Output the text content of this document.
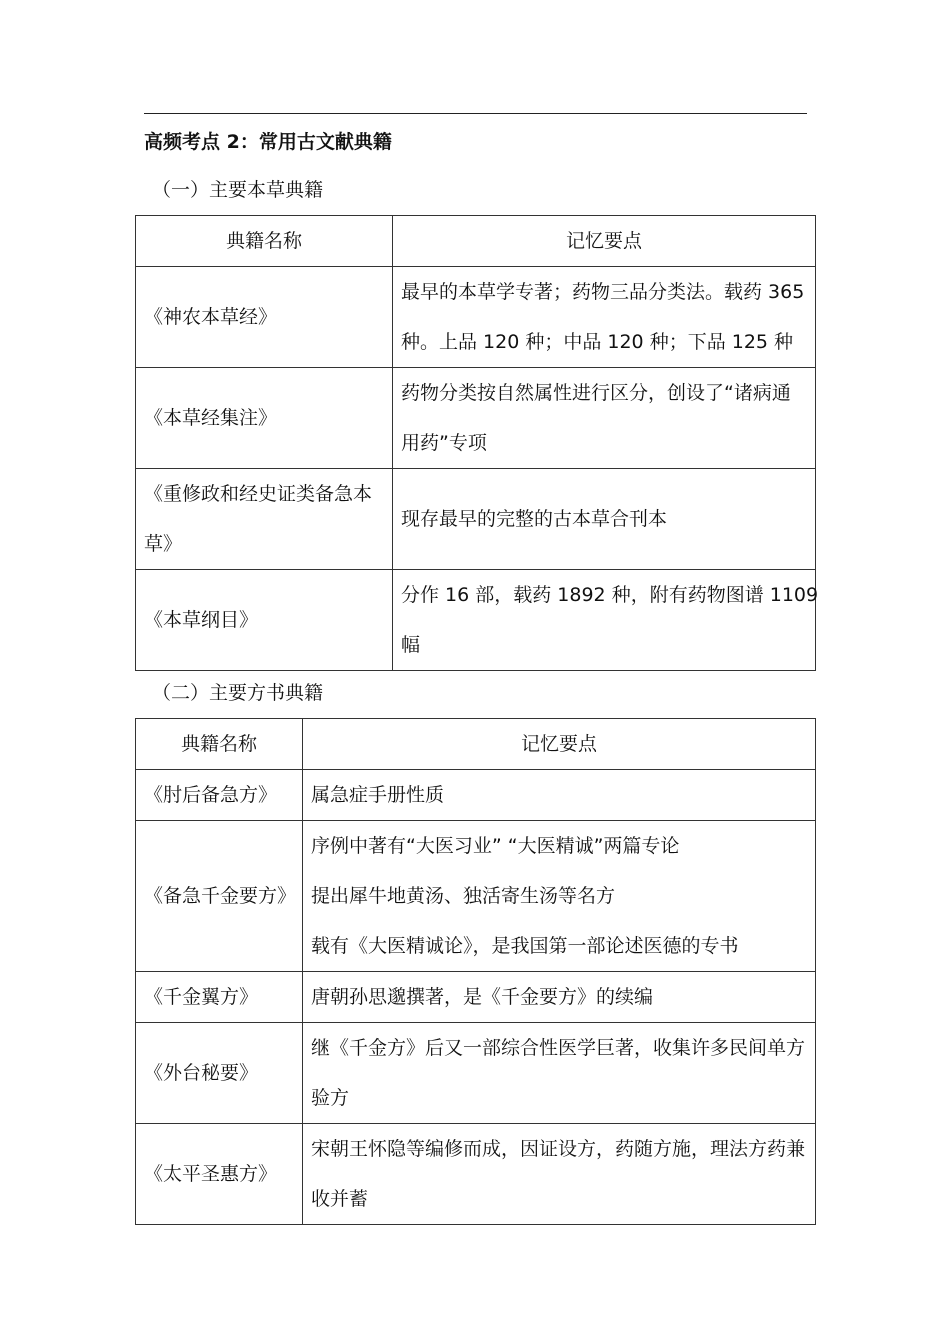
高频考点 2：常用古文献典籍
（一）主要本草典籍
典籍名称	记忆要点
《神农本草经》	最早的本草学专著；药物三品分类法。载药 365
种。上品 120 种；中品 120 种；下品 125 种

《本草经集注》	药物分类按自然属性进行区分，创设了“诸病通
用药”专项

《重修政和经史证类备急本
草》	现存最早的完整的古本草合刊本

《本草纲目》	分作 16 部，载药 1892 种，附有药物图谱 1109
幅
（二）主要方书典籍
典籍名称	记忆要点
《肘后备急方》	属急症手册性质

《备急千金要方》	序例中著有“大医习业” “大医精诚”两篇专论
提出犀牛地黄汤、独活寄生汤等名方
载有《大医精诚论》，是我国第一部论述医德的专书

《千金翼方》	唐朝孙思邈撰著，是《千金要方》的续编

《外台秘要》	继《千金方》后又一部综合性医学巨著，收集许多民间单方
验方

《太平圣惠方》	宋朝王怀隐等编修而成，因证设方，药随方施，理法方药兼
收并蓄
